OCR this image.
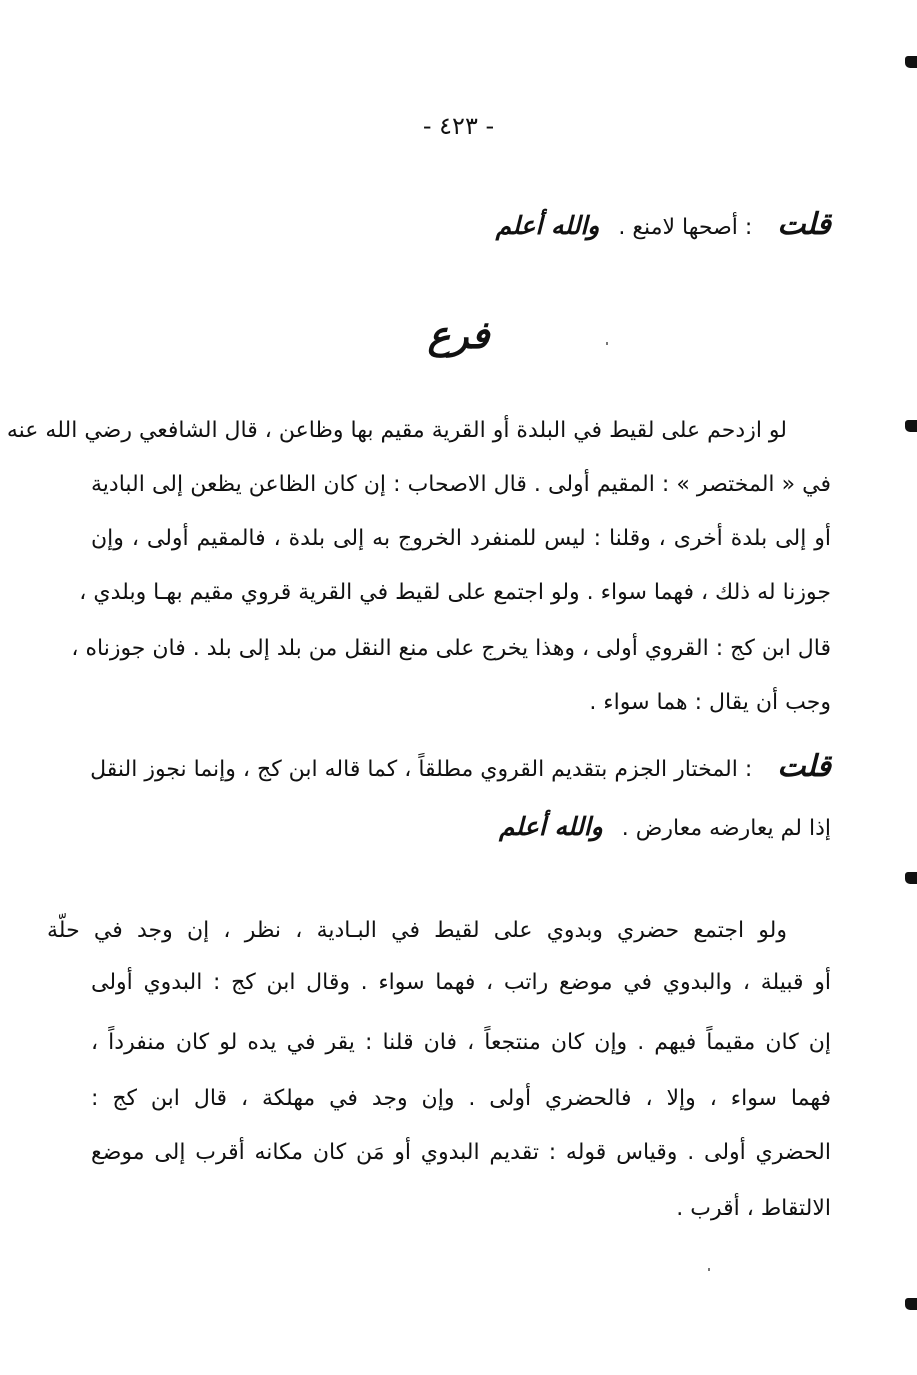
- ٤٢٣ -
قلت : أصحها لامنع . والله أعلم
فرع
لو ازدحم على لقيط في البلدة أو القرية مقيم بها وظاعن ، قال الشافعي رضي الله عنه
في « المختصر » : المقيم أولى . قال الاصحاب : إن كان الظاعن يظعن إلى البادية
أو إلى بلدة أخرى ، وقلنا : ليس للمنفرد الخروج به إلى بلدة ، فالمقيم أولى ، وإن
جوزنا له ذلك ، فهما سواء . ولو اجتمع على لقيط في القرية قروي مقيم بهـا وبلدي ،
قال ابن كج : القروي أولى ، وهذا يخرج على منع النقل من بلد إلى بلد . فان جوزناه ،
وجب أن يقال : هما سواء .
قلت : المختار الجزم بتقديم القروي مطلقاً ، كما قاله ابن كج ، وإنما نجوز النقل
إذا لم يعارضه معارض . والله أعلم
ولو اجتمع حضري وبدوي على لقيط في البـادية ، نظر ، إن وجد في حلّة
أو قبيلة ، والبدوي في موضع راتب ، فهما سواء . وقال ابن كج : البدوي أولى
إن كان مقيماً فيهم . وإن كان منتجعاً ، فان قلنا : يقر في يده لو كان منفرداً ،
فهما سواء ، وإلا ، فالحضري أولى . وإن وجد في مهلكة ، قال ابن كج :
الحضري أولى . وقياس قوله : تقديم البدوي أو مَن كان مكانه أقرب إلى موضع
الالتقاط ، أقرب .
